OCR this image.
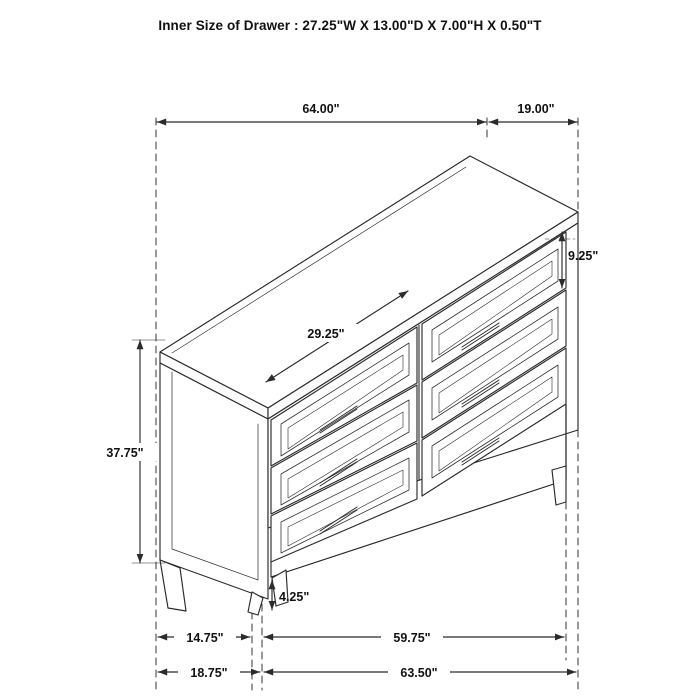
Inner Size of Drawer : 27.25"W X 13.00"D X 7.00"H X 0.50"T
64.00"	19.00"
9.25"
29.25"
37.75"
4.25"
14.75"	59.75"
18.75"	63.50"
